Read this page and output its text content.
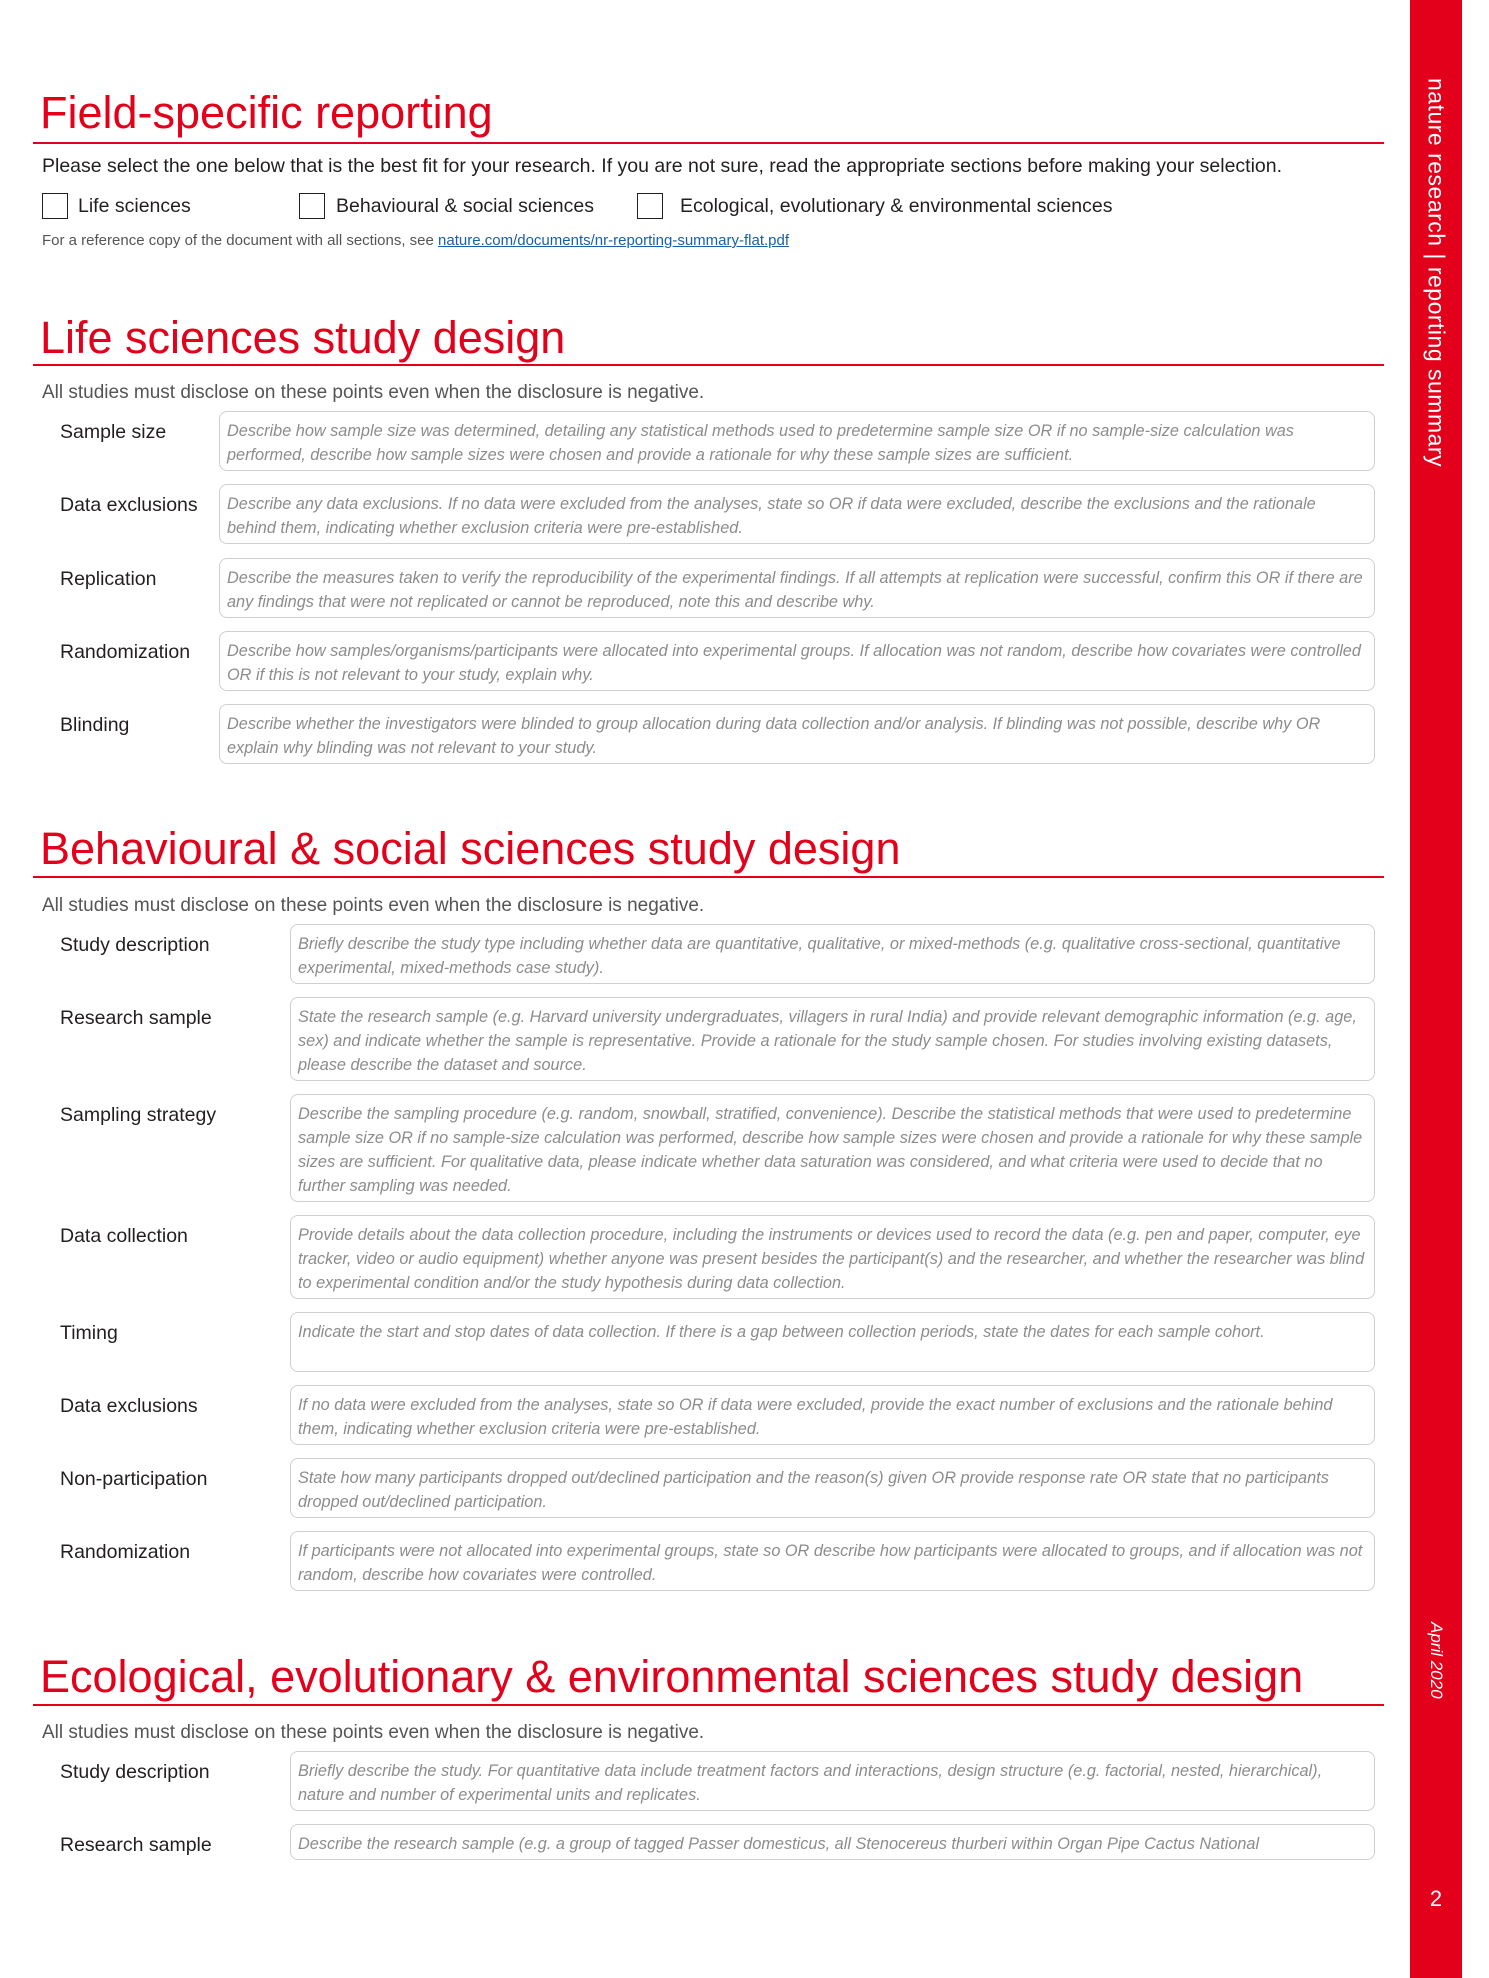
nature research | reporting summary
April 2020
2
Field-specific reporting
Please select the one below that is the best fit for your research. If you are not sure, read the appropriate sections before making your selection.
Life sciences	Behavioural & social sciences	Ecological, evolutionary & environmental sciences
For a reference copy of the document with all sections, see nature.com/documents/nr-reporting-summary-flat.pdf
Life sciences study design
All studies must disclose on these points even when the disclosure is negative.
Sample size	Describe how sample size was determined, detailing any statistical methods used to predetermine sample size OR if no sample-size calculation was performed, describe how sample sizes were chosen and provide a rationale for why these sample sizes are sufficient.
Data exclusions	Describe any data exclusions. If no data were excluded from the analyses, state so OR if data were excluded, describe the exclusions and the rationale behind them, indicating whether exclusion criteria were pre-established.
Replication	Describe the measures taken to verify the reproducibility of the experimental findings. If all attempts at replication were successful, confirm this OR if there are any findings that were not replicated or cannot be reproduced, note this and describe why.
Randomization	Describe how samples/organisms/participants were allocated into experimental groups. If allocation was not random, describe how covariates were controlled OR if this is not relevant to your study, explain why.
Blinding	Describe whether the investigators were blinded to group allocation during data collection and/or analysis. If blinding was not possible, describe why OR explain why blinding was not relevant to your study.
Behavioural & social sciences study design
All studies must disclose on these points even when the disclosure is negative.
Study description	Briefly describe the study type including whether data are quantitative, qualitative, or mixed-methods (e.g. qualitative cross-sectional, quantitative experimental, mixed-methods case study).
Research sample	State the research sample (e.g. Harvard university undergraduates, villagers in rural India) and provide relevant demographic information (e.g. age, sex) and indicate whether the sample is representative. Provide a rationale for the study sample chosen. For studies involving existing datasets, please describe the dataset and source.
Sampling strategy	Describe the sampling procedure (e.g. random, snowball, stratified, convenience). Describe the statistical methods that were used to predetermine sample size OR if no sample-size calculation was performed, describe how sample sizes were chosen and provide a rationale for why these sample sizes are sufficient. For qualitative data, please indicate whether data saturation was considered, and what criteria were used to decide that no further sampling was needed.
Data collection	Provide details about the data collection procedure, including the instruments or devices used to record the data (e.g. pen and paper, computer, eye tracker, video or audio equipment) whether anyone was present besides the participant(s) and the researcher, and whether the researcher was blind to experimental condition and/or the study hypothesis during data collection.
Timing	Indicate the start and stop dates of data collection. If there is a gap between collection periods, state the dates for each sample cohort.
Data exclusions	If no data were excluded from the analyses, state so OR if data were excluded, provide the exact number of exclusions and the rationale behind them, indicating whether exclusion criteria were pre-established.
Non-participation	State how many participants dropped out/declined participation and the reason(s) given OR provide response rate OR state that no participants dropped out/declined participation.
Randomization	If participants were not allocated into experimental groups, state so OR describe how participants were allocated to groups, and if allocation was not random, describe how covariates were controlled.
Ecological, evolutionary & environmental sciences study design
All studies must disclose on these points even when the disclosure is negative.
Study description	Briefly describe the study. For quantitative data include treatment factors and interactions, design structure (e.g. factorial, nested, hierarchical), nature and number of experimental units and replicates.
Research sample	Describe the research sample (e.g. a group of tagged Passer domesticus, all Stenocereus thurberi within Organ Pipe Cactus National
